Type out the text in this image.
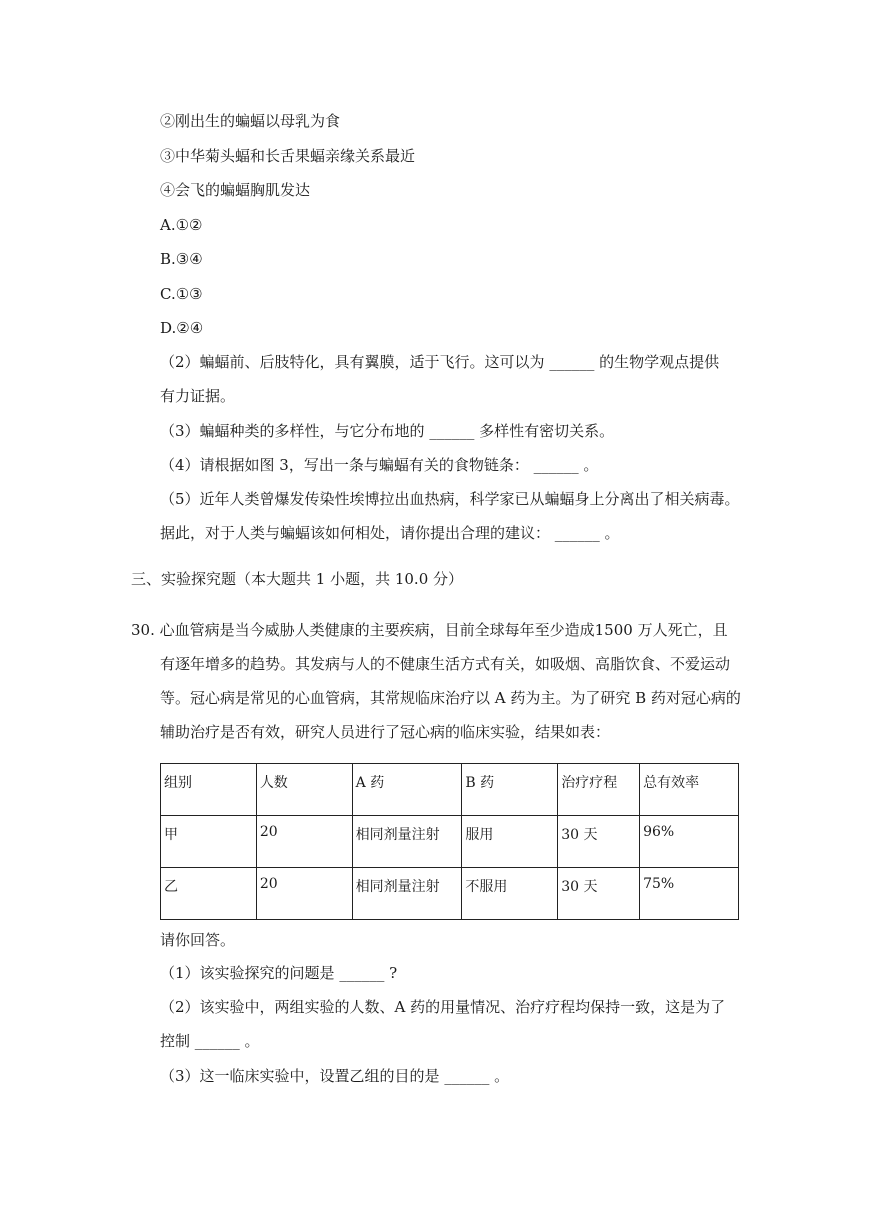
②刚出生的蝙蝠以母乳为食
③中华菊头蝠和长舌果蝠亲缘关系最近
④会飞的蝙蝠胸肌发达
A.①②
B.③④
C.①③
D.②④
（2）蝙蝠前、后肢特化，具有翼膜，适于飞行。这可以为 ______ 的生物学观点提供
有力证据。
（3）蝙蝠种类的多样性，与它分布地的 ______ 多样性有密切关系。
（4）请根据如图 3，写出一条与蝙蝠有关的食物链条： ______ 。
（5）近年人类曾爆发传染性埃博拉出血热病，科学家已从蝙蝠身上分离出了相关病毒。
据此，对于人类与蝙蝠该如何相处，请你提出合理的建议： ______ 。
三、实验探究题（本大题共 1 小题，共 10.0 分）
30. 心血管病是当今威胁人类健康的主要疾病，目前全球每年至少造成1500 万人死亡，且
有逐年增多的趋势。其发病与人的不健康生活方式有关，如吸烟、高脂饮食、不爱运动
等。冠心病是常见的心血管病，其常规临床治疗以 A 药为主。为了研究 B 药对冠心病的
辅助治疗是否有效，研究人员进行了冠心病的临床实验，结果如表：
组别	人数	A 药	B 药	治疗疗程	总有效率
甲	20	相同剂量注射	服用	30 天	96%
乙	20	相同剂量注射	不服用	30 天	75%
请你回答。
（1）该实验探究的问题是 ______ ?
（2）该实验中，两组实验的人数、A 药的用量情况、治疗疗程均保持一致，这是为了
控制 ______ 。
（3）这一临床实验中，设置乙组的目的是 ______ 。
